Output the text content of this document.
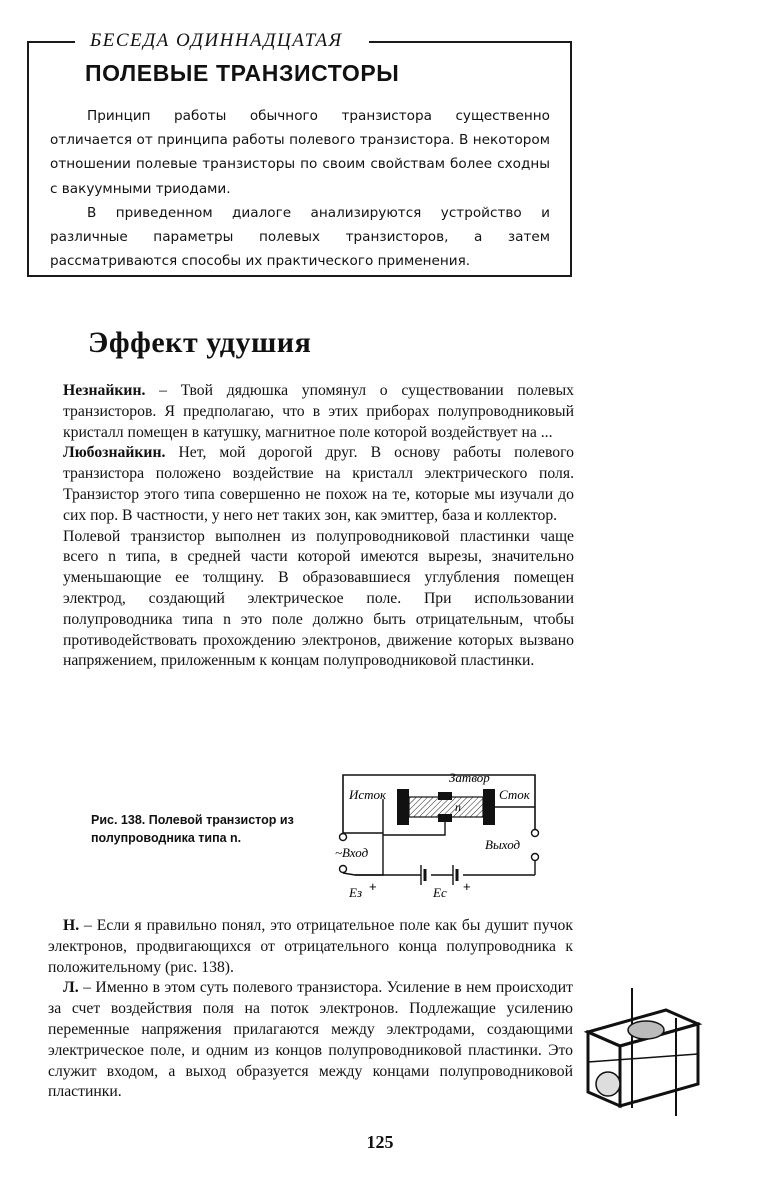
БЕСЕДА ОДИННАДЦАТАЯ
ПОЛЕВЫЕ ТРАНЗИСТОРЫ

Принцип работы обычного транзистора существенно отличается от принципа работы полевого транзистора. В некотором отношении полевые транзисторы по своим свойствам более сходны с вакуумными триодами.

В приведенном диалоге анализируются устройство и различные параметры полевых транзисторов, а затем рассматриваются способы их практического применения.

Эффект удушия

Незнайкин. – Твой дядюшка упомянул о существовании полевых транзисторов. Я предполагаю, что в этих приборах полупроводниковый кристалл помещен в катушку, магнитное поле которой воздействует на ...

Любознайкин. Нет, мой дорогой друг. В основу работы полевого транзистора положено воздействие на кристалл электрического поля. Транзистор этого типа совершенно не похож на те, которые мы изучали до сих пор. В частности, у него нет таких зон, как эмиттер, база и коллектор.

Полевой транзистор выполнен из полупроводниковой пластинки чаще всего n типа, в средней части которой имеются вырезы, значительно уменьшающие ее толщину. В образовавшиеся углубления помещен электрод, создающий электрическое поле. При использовании полупроводника типа n это поле должно быть отрицательным, чтобы противодействовать прохождению электронов, движение которых вызвано напряжением, приложенным к концам полупроводниковой пластинки.

Рис. 138. Полевой транзистор из полупроводника типа n.
Затвор
Исток	Сток
n
~Вход
Выход
Eз +	Ec +

Н. – Если я правильно понял, это отрицательное поле как бы душит пучок электронов, продвигающихся от отрицательного конца полупроводника к положительному (рис. 138).

Л. – Именно в этом суть полевого транзистора. Усиление в нем происходит за счет воздействия поля на поток электронов. Подлежащие усилению переменные напряжения прилагаются между электродами, создающими электрическое поле, и одним из концов полупроводниковой пластинки. Это служит входом, а выход образуется между концами полупроводниковой пластинки.

125
